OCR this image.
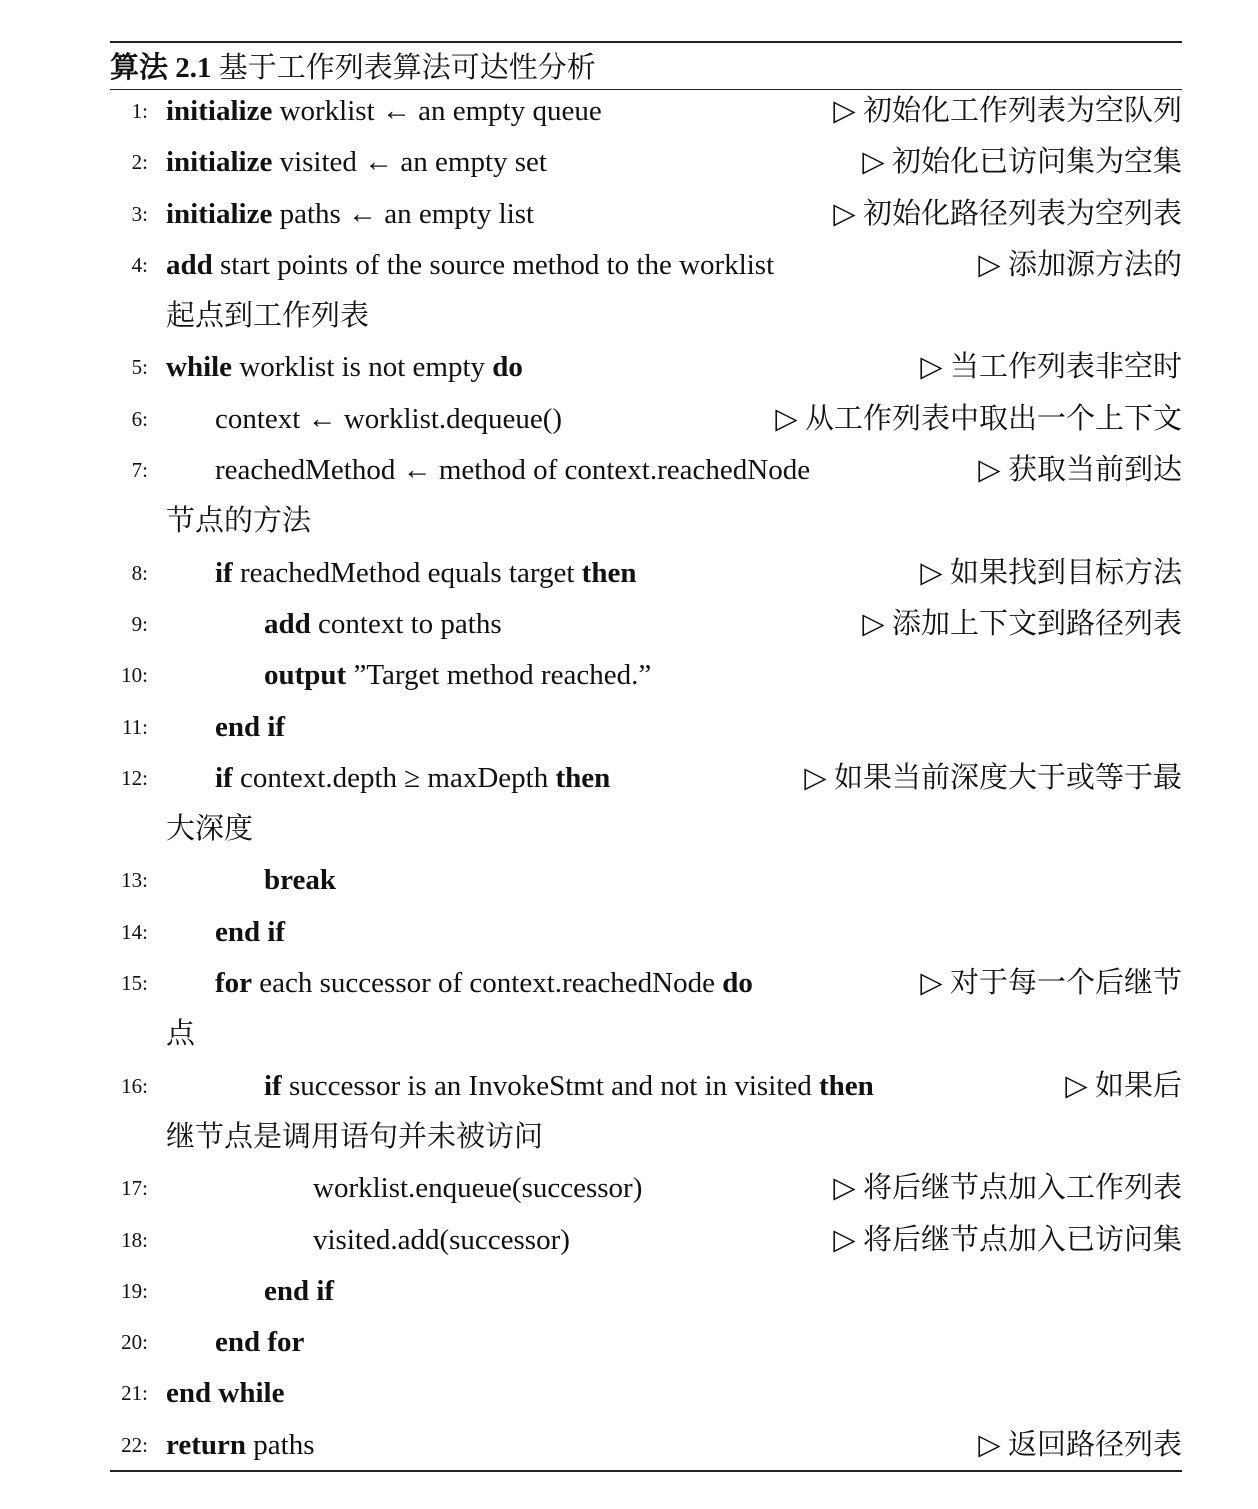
算法 2.1 基于工作列表算法可达性分析
1: initialize worklist ← an empty queue	▷ 初始化工作列表为空队列
2: initialize visited ← an empty set	▷ 初始化已访问集为空集
3: initialize paths ← an empty list	▷ 初始化路径列表为空列表
4: add start points of the source method to the worklist	▷ 添加源方法的
起点到工作列表
5: while worklist is not empty do	▷ 当工作列表非空时
6: context ← worklist.dequeue()	▷ 从工作列表中取出一个上下文
7: reachedMethod ← method of context.reachedNode	▷ 获取当前到达
节点的方法
8: if reachedMethod equals target then	▷ 如果找到目标方法
9:	add context to paths	▷ 添加上下文到路径列表
10:	output ”Target method reached.”
11: end if
12: if context.depth ≥ maxDepth then	▷ 如果当前深度大于或等于最
大深度
13:	break
14: end if
15: for each successor of context.reachedNode do	▷ 对于每一个后继节
点
16:	if successor is an InvokeStmt and not in visited then	▷ 如果后
继节点是调用语句并未被访问
17:	worklist.enqueue(successor)	▷ 将后继节点加入工作列表
18:	visited.add(successor)	▷ 将后继节点加入已访问集
19:	end if
20: end for
21: end while
22: return paths	▷ 返回路径列表
